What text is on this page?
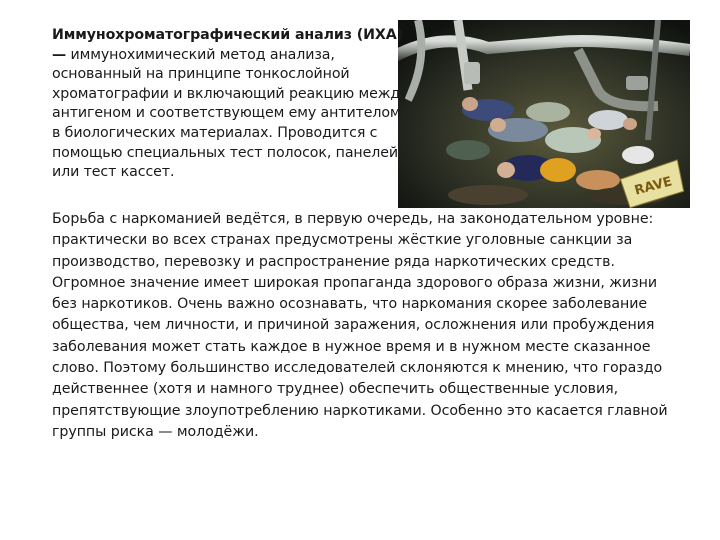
RAVE
Иммунохроматографический анализ (ИХА) — иммунохимический метод анализа, основанный на принципе тонкослойной хроматографии и включающий реакцию между антигеном и соответствующем ему антителом в биологических материалах. Проводится с помощью специальных тест полосок, панелей или тест кассет.
Борьба с наркоманией ведётся, в первую очередь, на законодательном уровне: практически во всех странах предусмотрены жёсткие уголовные санкции за производство, перевозку и распространение ряда наркотических средств. Огромное значение имеет широкая пропаганда здорового образа жизни, жизни без наркотиков. Очень важно осознавать, что наркомания скорее заболевание общества, чем личности, и причиной заражения, осложнения или пробуждения заболевания может стать каждое в нужное время и в нужном месте сказанное слово. Поэтому большинство исследователей склоняются к мнению, что гораздо действеннее (хотя и намного труднее) обеспечить общественные условия, препятствующие злоупотреблению наркотиками. Особенно это касается главной группы риска — молодёжи.
